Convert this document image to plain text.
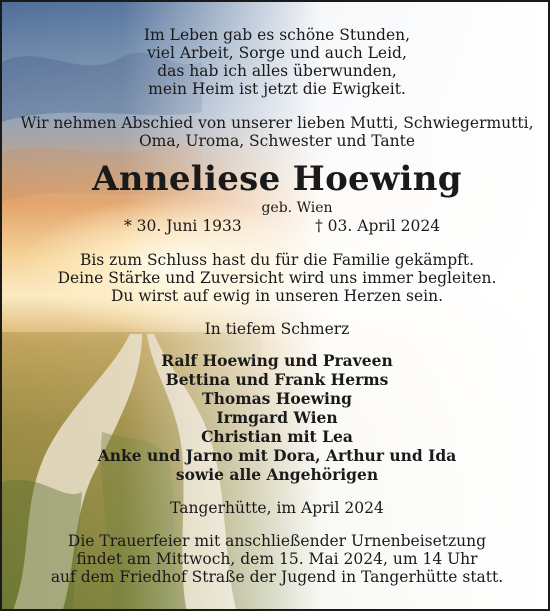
Im Leben gab es schöne Stunden,
viel Arbeit, Sorge und auch Leid,
das hab ich alles überwunden,
mein Heim ist jetzt die Ewigkeit.
Wir nehmen Abschied von unserer lieben Mutti, Schwiegermutti,
Oma, Uroma, Schwester und Tante
Anneliese Hoewing
geb. Wien
* 30. Juni 1933	† 03. April 2024
Bis zum Schluss hast du für die Familie gekämpft.
Deine Stärke und Zuversicht wird uns immer begleiten.
Du wirst auf ewig in unseren Herzen sein.
In tiefem Schmerz
Ralf Hoewing und Praveen
Bettina und Frank Herms
Thomas Hoewing
Irmgard Wien
Christian mit Lea
Anke und Jarno mit Dora, Arthur und Ida
sowie alle Angehörigen
Tangerhütte, im April 2024
Die Trauerfeier mit anschließender Urnenbeisetzung
findet am Mittwoch, dem 15. Mai 2024, um 14 Uhr
auf dem Friedhof Straße der Jugend in Tangerhütte statt.
